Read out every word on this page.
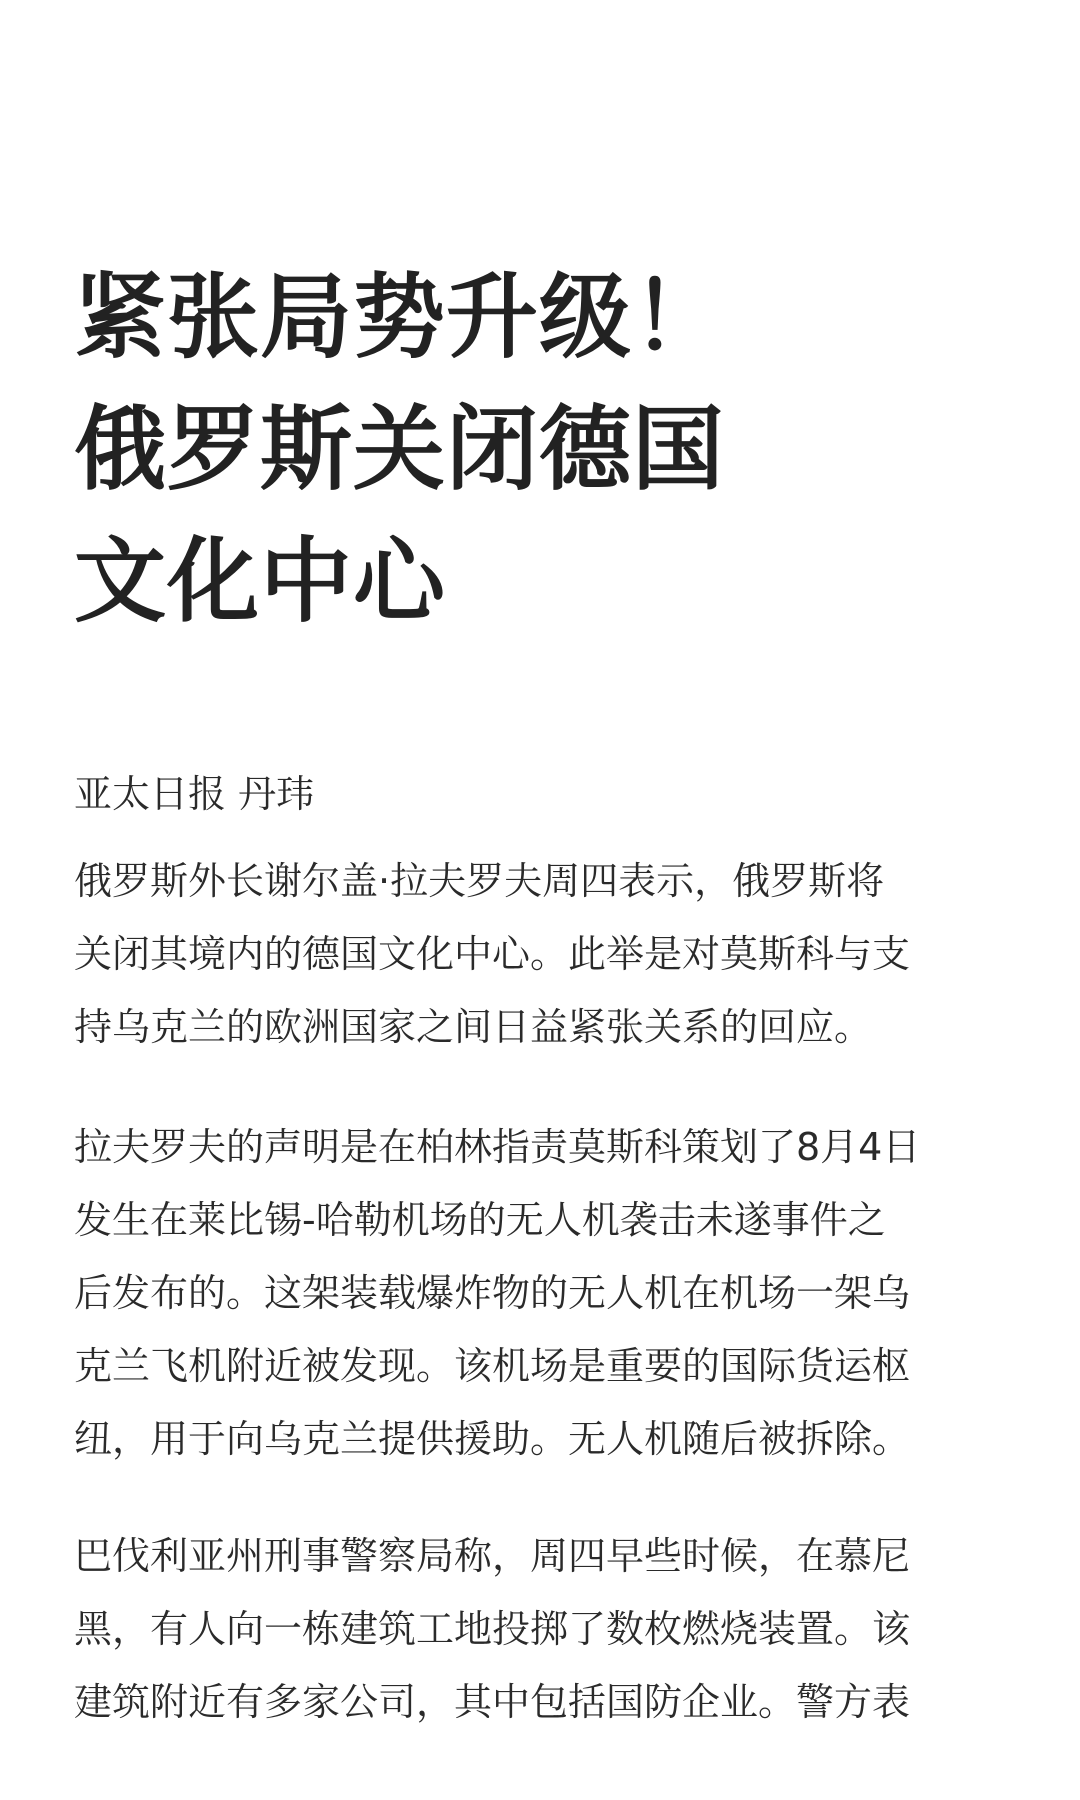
紧张局势升级！
俄罗斯关闭德国
文化中心

亚太日报 丹玮

俄罗斯外长谢尔盖·拉夫罗夫周四表示，俄罗斯将
关闭其境内的德国文化中心。此举是对莫斯科与支
持乌克兰的欧洲国家之间日益紧张关系的回应。

拉夫罗夫的声明是在柏林指责莫斯科策划了8月4日
发生在莱比锡-哈勒机场的无人机袭击未遂事件之
后发布的。这架装载爆炸物的无人机在机场一架乌
克兰飞机附近被发现。该机场是重要的国际货运枢
纽，用于向乌克兰提供援助。无人机随后被拆除。

巴伐利亚州刑事警察局称，周四早些时候，在慕尼
黑，有人向一栋建筑工地投掷了数枚燃烧装置。该
建筑附近有多家公司，其中包括国防企业。警方表
